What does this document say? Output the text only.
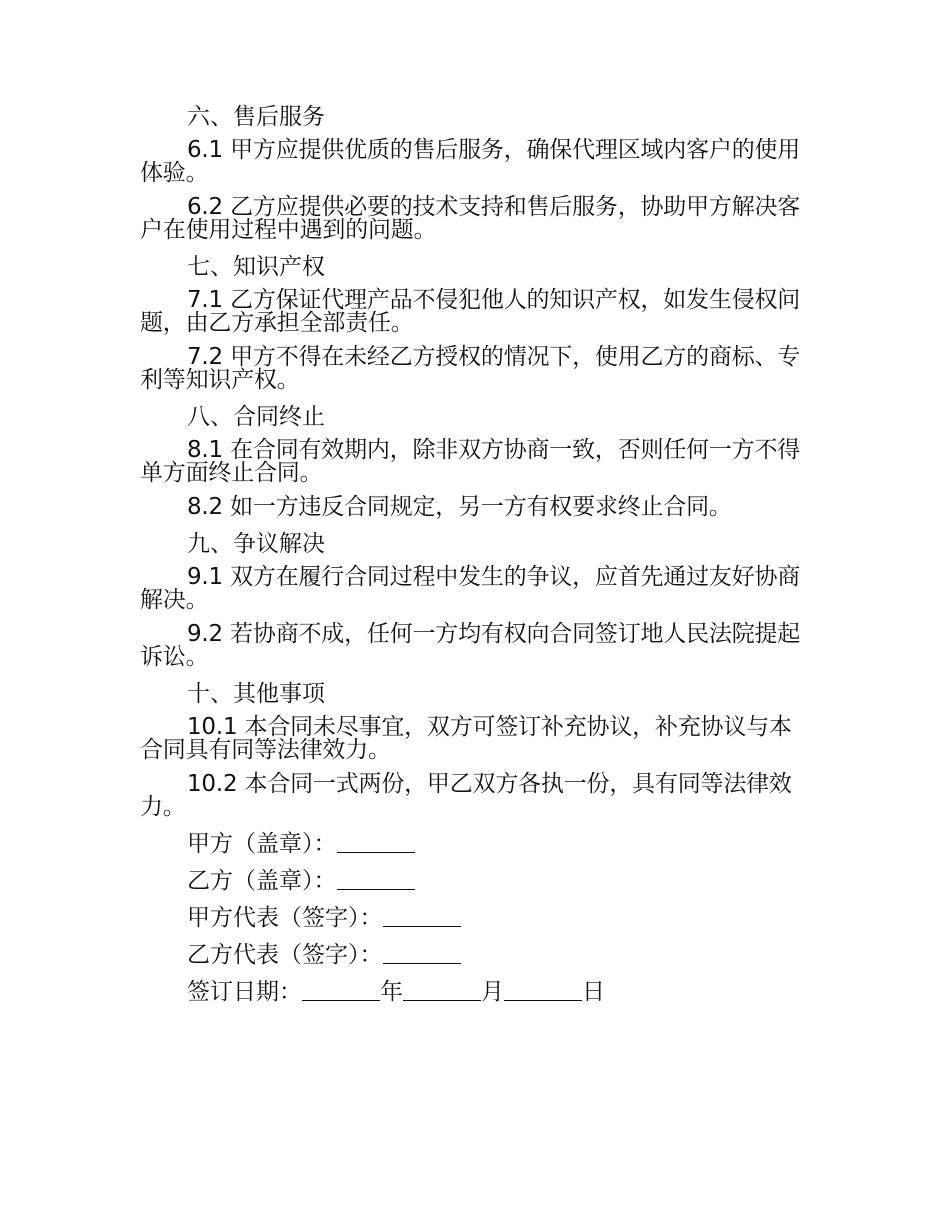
六、售后服务

6.1 甲方应提供优质的售后服务，确保代理区域内客户的使用体验。

6.2 乙方应提供必要的技术支持和售后服务，协助甲方解决客户在使用过程中遇到的问题。

七、知识产权

7.1 乙方保证代理产品不侵犯他人的知识产权，如发生侵权问题，由乙方承担全部责任。

7.2 甲方不得在未经乙方授权的情况下，使用乙方的商标、专利等知识产权。

八、合同终止

8.1 在合同有效期内，除非双方协商一致，否则任何一方不得单方面终止合同。

8.2 如一方违反合同规定，另一方有权要求终止合同。

九、争议解决

9.1 双方在履行合同过程中发生的争议，应首先通过友好协商解决。

9.2 若协商不成，任何一方均有权向合同签订地人民法院提起诉讼。

十、其他事项

10.1 本合同未尽事宜，双方可签订补充协议，补充协议与本合同具有同等法律效力。

10.2 本合同一式两份，甲乙双方各执一份，具有同等法律效力。

甲方（盖章）：
乙方（盖章）：
甲方代表（签字）：
乙方代表（签字）：
签订日期：	年	月	日
